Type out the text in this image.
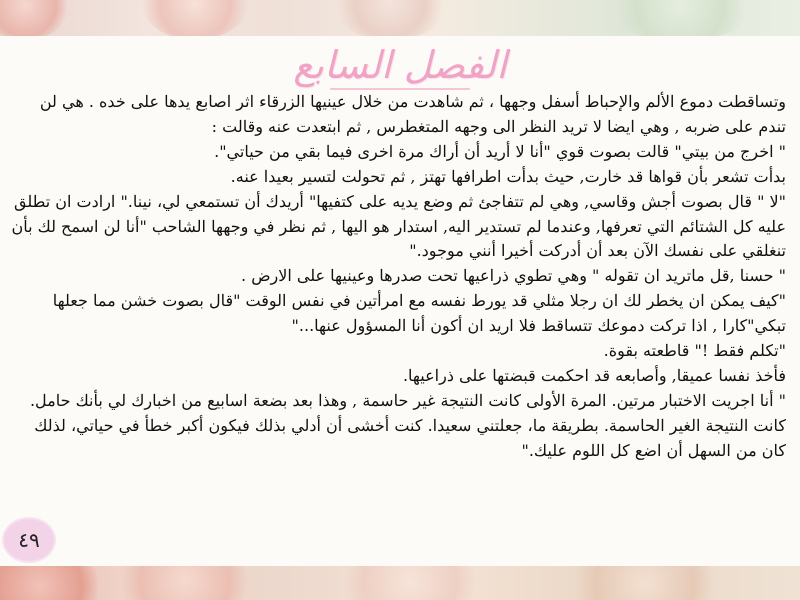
الفصل السابع

وتساقطت دموع الألم والإحباط أسفل وجهها ، ثم شاهدت من خلال عينيها الزرقاء اثر اصابع يدها على خده . هي لن تندم على ضربه , وهي ايضا لا تريد النظر الى وجهه المتغطرس , ثم ابتعدت عنه وقالت :

" اخرج من بيتي" قالت بصوت قوي "أنا لا أريد أن أراك مرة اخرى فيما بقي من حياتي".

بدأت تشعر بأن قواها قد خارت, حيث بدأت اطرافها تهتز , ثم تحولت لتسير بعيدا عنه.

"لا " قال بصوت أجش وقاسي, وهي لم تتفاجئ ثم وضع يديه على كتفيها" أريدك أن تستمعي لي، نينا." ارادت ان تطلق عليه كل الشتائم التي تعرفها, وعندما لم تستدير اليه, استدار هو اليها , ثم نظر في وجهها الشاحب "أنا لن اسمح لك بأن تنغلقي على نفسك الآن بعد أن أدركت أخيرا أنني موجود."

" حسنا ,قل ماتريد ان تقوله " وهي تطوي ذراعيها تحت صدرها وعينيها على الارض .

"كيف يمكن ان يخطر لك ان رجلا مثلي قد يورط نفسه مع امرأتين في نفس الوقت "قال بصوت خشن مما جعلها تبكي"كارا , اذا تركت دموعك تتساقط فلا اريد ان أكون أنا المسؤول عنها..."

"تكلم فقط !" قاطعته بقوة.

فأخذ نفسا عميقا, وأصابعه قد احكمت قبضتها على ذراعيها.

" أنا اجريت الاختبار مرتين. المرة الأولى كانت النتيجة غير حاسمة , وهذا بعد بضعة اسابيع من اخبارك لي بأنك حامل. كانت النتيجة الغير الحاسمة. بطريقة ما، جعلتني سعيدا. كنت أخشى أن أدلي بذلك فيكون أكبر خطأ في حياتي، لذلك كان من السهل أن اضع كل اللوم عليك."

٤٩
